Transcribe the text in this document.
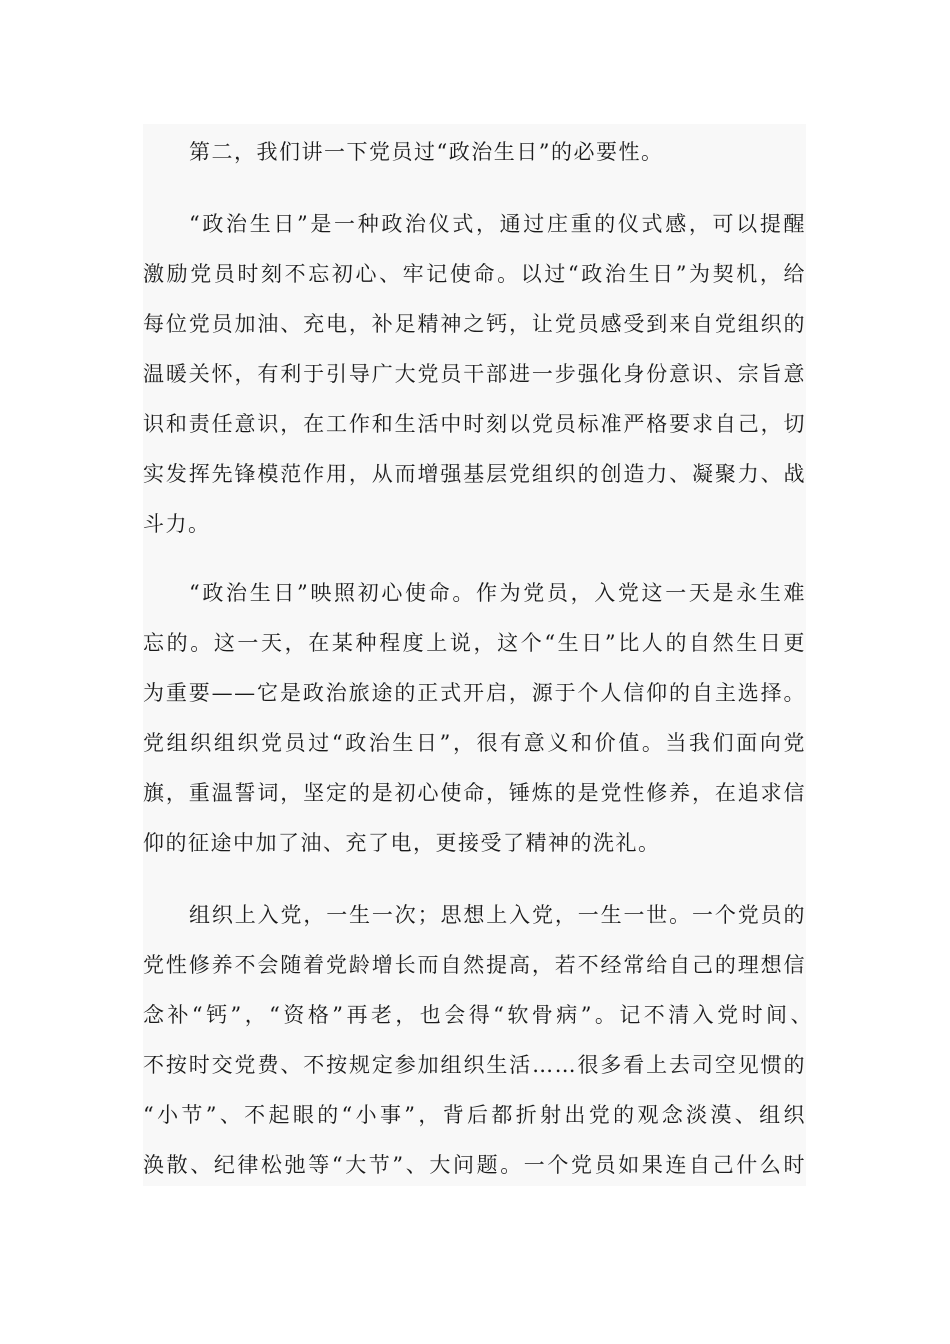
第二，我们讲一下党员过“政治生日”的必要性。
“政治生日”是一种政治仪式，通过庄重的仪式感，可以提醒
激励党员时刻不忘初心、牢记使命。以过“政治生日”为契机，给
每位党员加油、充电，补足精神之钙，让党员感受到来自党组织的
温暖关怀，有利于引导广大党员干部进一步强化身份意识、宗旨意
识和责任意识，在工作和生活中时刻以党员标准严格要求自己，切
实发挥先锋模范作用，从而增强基层党组织的创造力、凝聚力、战
斗力。
“政治生日”映照初心使命。作为党员，入党这一天是永生难
忘的。这一天，在某种程度上说，这个“生日”比人的自然生日更
为重要——它是政治旅途的正式开启，源于个人信仰的自主选择。
党组织组织党员过“政治生日”，很有意义和价值。当我们面向党
旗，重温誓词，坚定的是初心使命，锤炼的是党性修养，在追求信
仰的征途中加了油、充了电，更接受了精神的洗礼。
组织上入党，一生一次；思想上入党，一生一世。一个党员的
党性修养不会随着党龄增长而自然提高，若不经常给自己的理想信
念补“钙”，“资格”再老，也会得“软骨病”。记不清入党时间、
不按时交党费、不按规定参加组织生活……很多看上去司空见惯的
“小节”、不起眼的“小事”，背后都折射出党的观念淡漠、组织
涣散、纪律松弛等“大节”、大问题。一个党员如果连自己什么时
